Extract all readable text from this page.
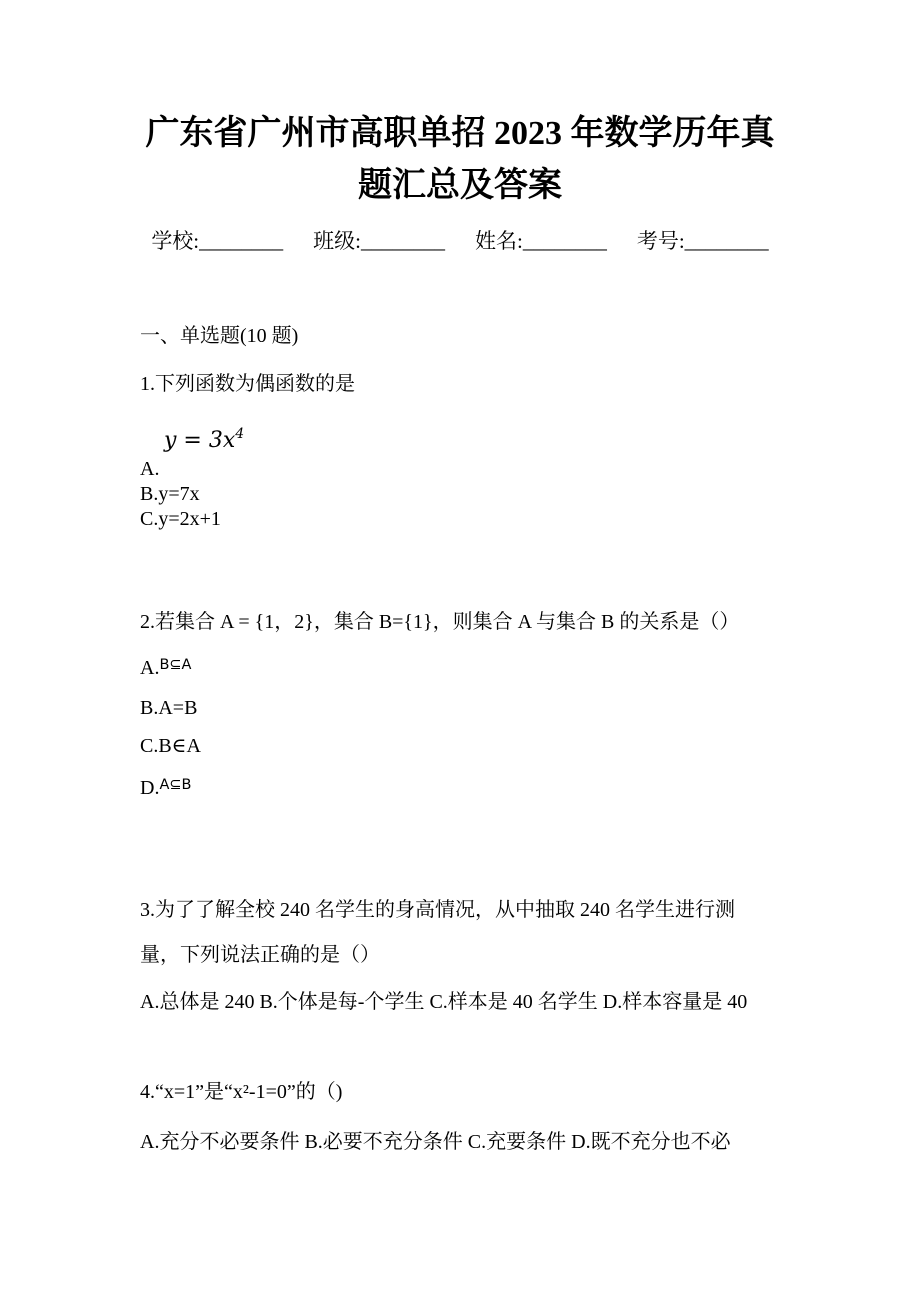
广东省广州市高职单招 2023 年数学历年真
题汇总及答案
学校:________ 班级:________ 姓名:________ 考号:________
一、单选题(10 题)
1.下列函数为偶函数的是
$y = 3x^4$
A.
B.y=7x
C.y=2x+1
2.若集合 A = {1，2}，集合 B={1}，则集合 A 与集合 B 的关系是（）
A.$^{B⊆A}$
B.A=B
C.B∈A
D.$^{A⊆B}$
3.为了了解全校 240 名学生的身高情况，从中抽取 240 名学生进行测
量，下列说法正确的是（）
A.总体是 240 B.个体是每-个学生 C.样本是 40 名学生 D.样本容量是 40
4.“x=1”是“x²-1=0”的（)
A.充分不必要条件 B.必要不充分条件 C.充要条件 D.既不充分也不必
